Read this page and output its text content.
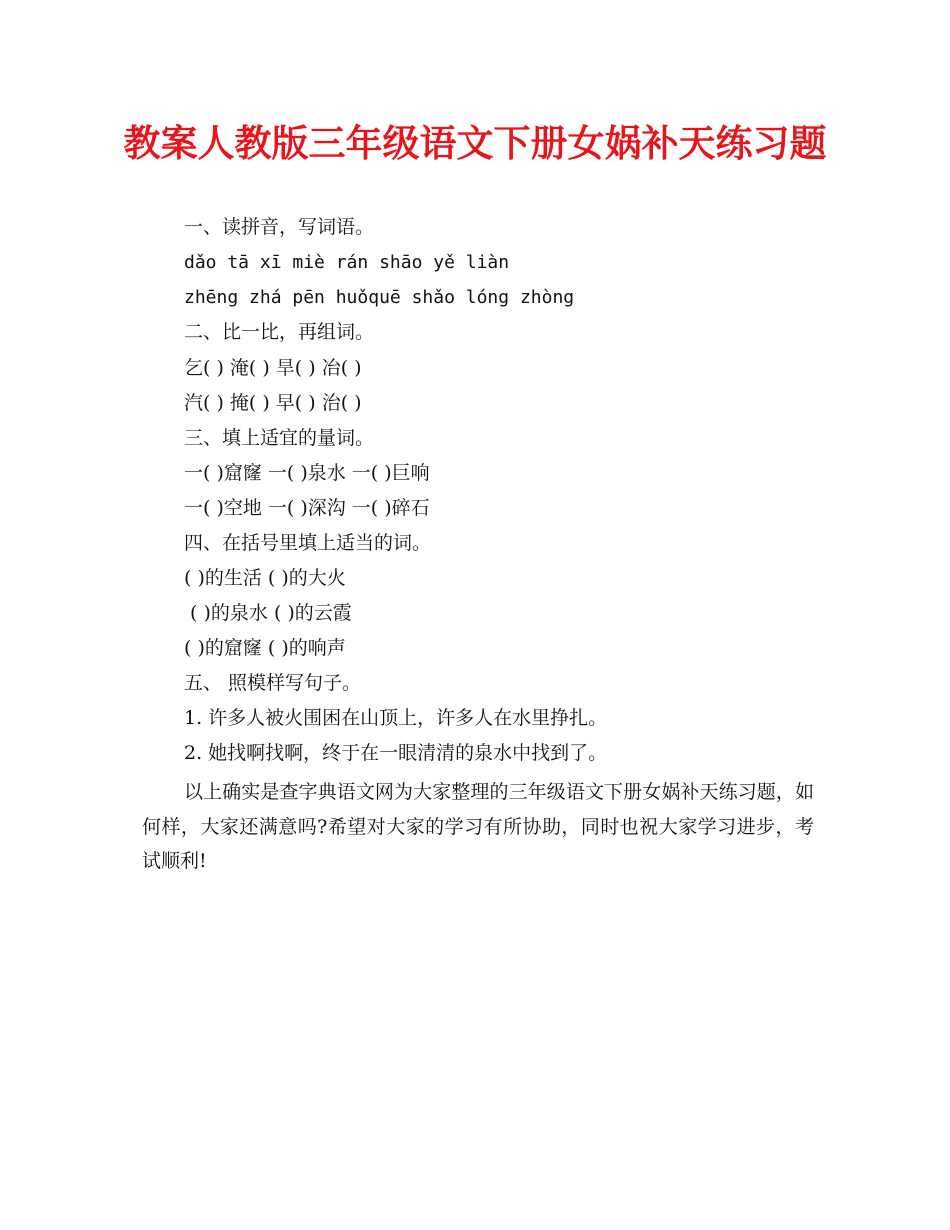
教案人教版三年级语文下册女娲补天练习题
一、读拼音，写词语。
dǎo tā xī miè rán shāo yě liàn
zhēng zhá pēn huǒquē shǎo lóng zhòng
二、比一比，再组词。
乞( ) 淹( ) 旱( ) 冶( )
汽( ) 掩( ) 早( ) 治( )
三、填上适宜的量词。
一( )窟窿 一( )泉水 一( )巨响
一( )空地 一( )深沟 一( )碎石
四、在括号里填上适当的词。
( )的生活 ( )的大火
( )的泉水 ( )的云霞
( )的窟窿 ( )的响声
五、 照模样写句子。
1. 许多人被火围困在山顶上，许多人在水里挣扎。
2. 她找啊找啊，终于在一眼清清的泉水中找到了。
以上确实是查字典语文网为大家整理的三年级语文下册女娲补天练习题，如何样，大家还满意吗?希望对大家的学习有所协助，同时也祝大家学习进步，考试顺利!
